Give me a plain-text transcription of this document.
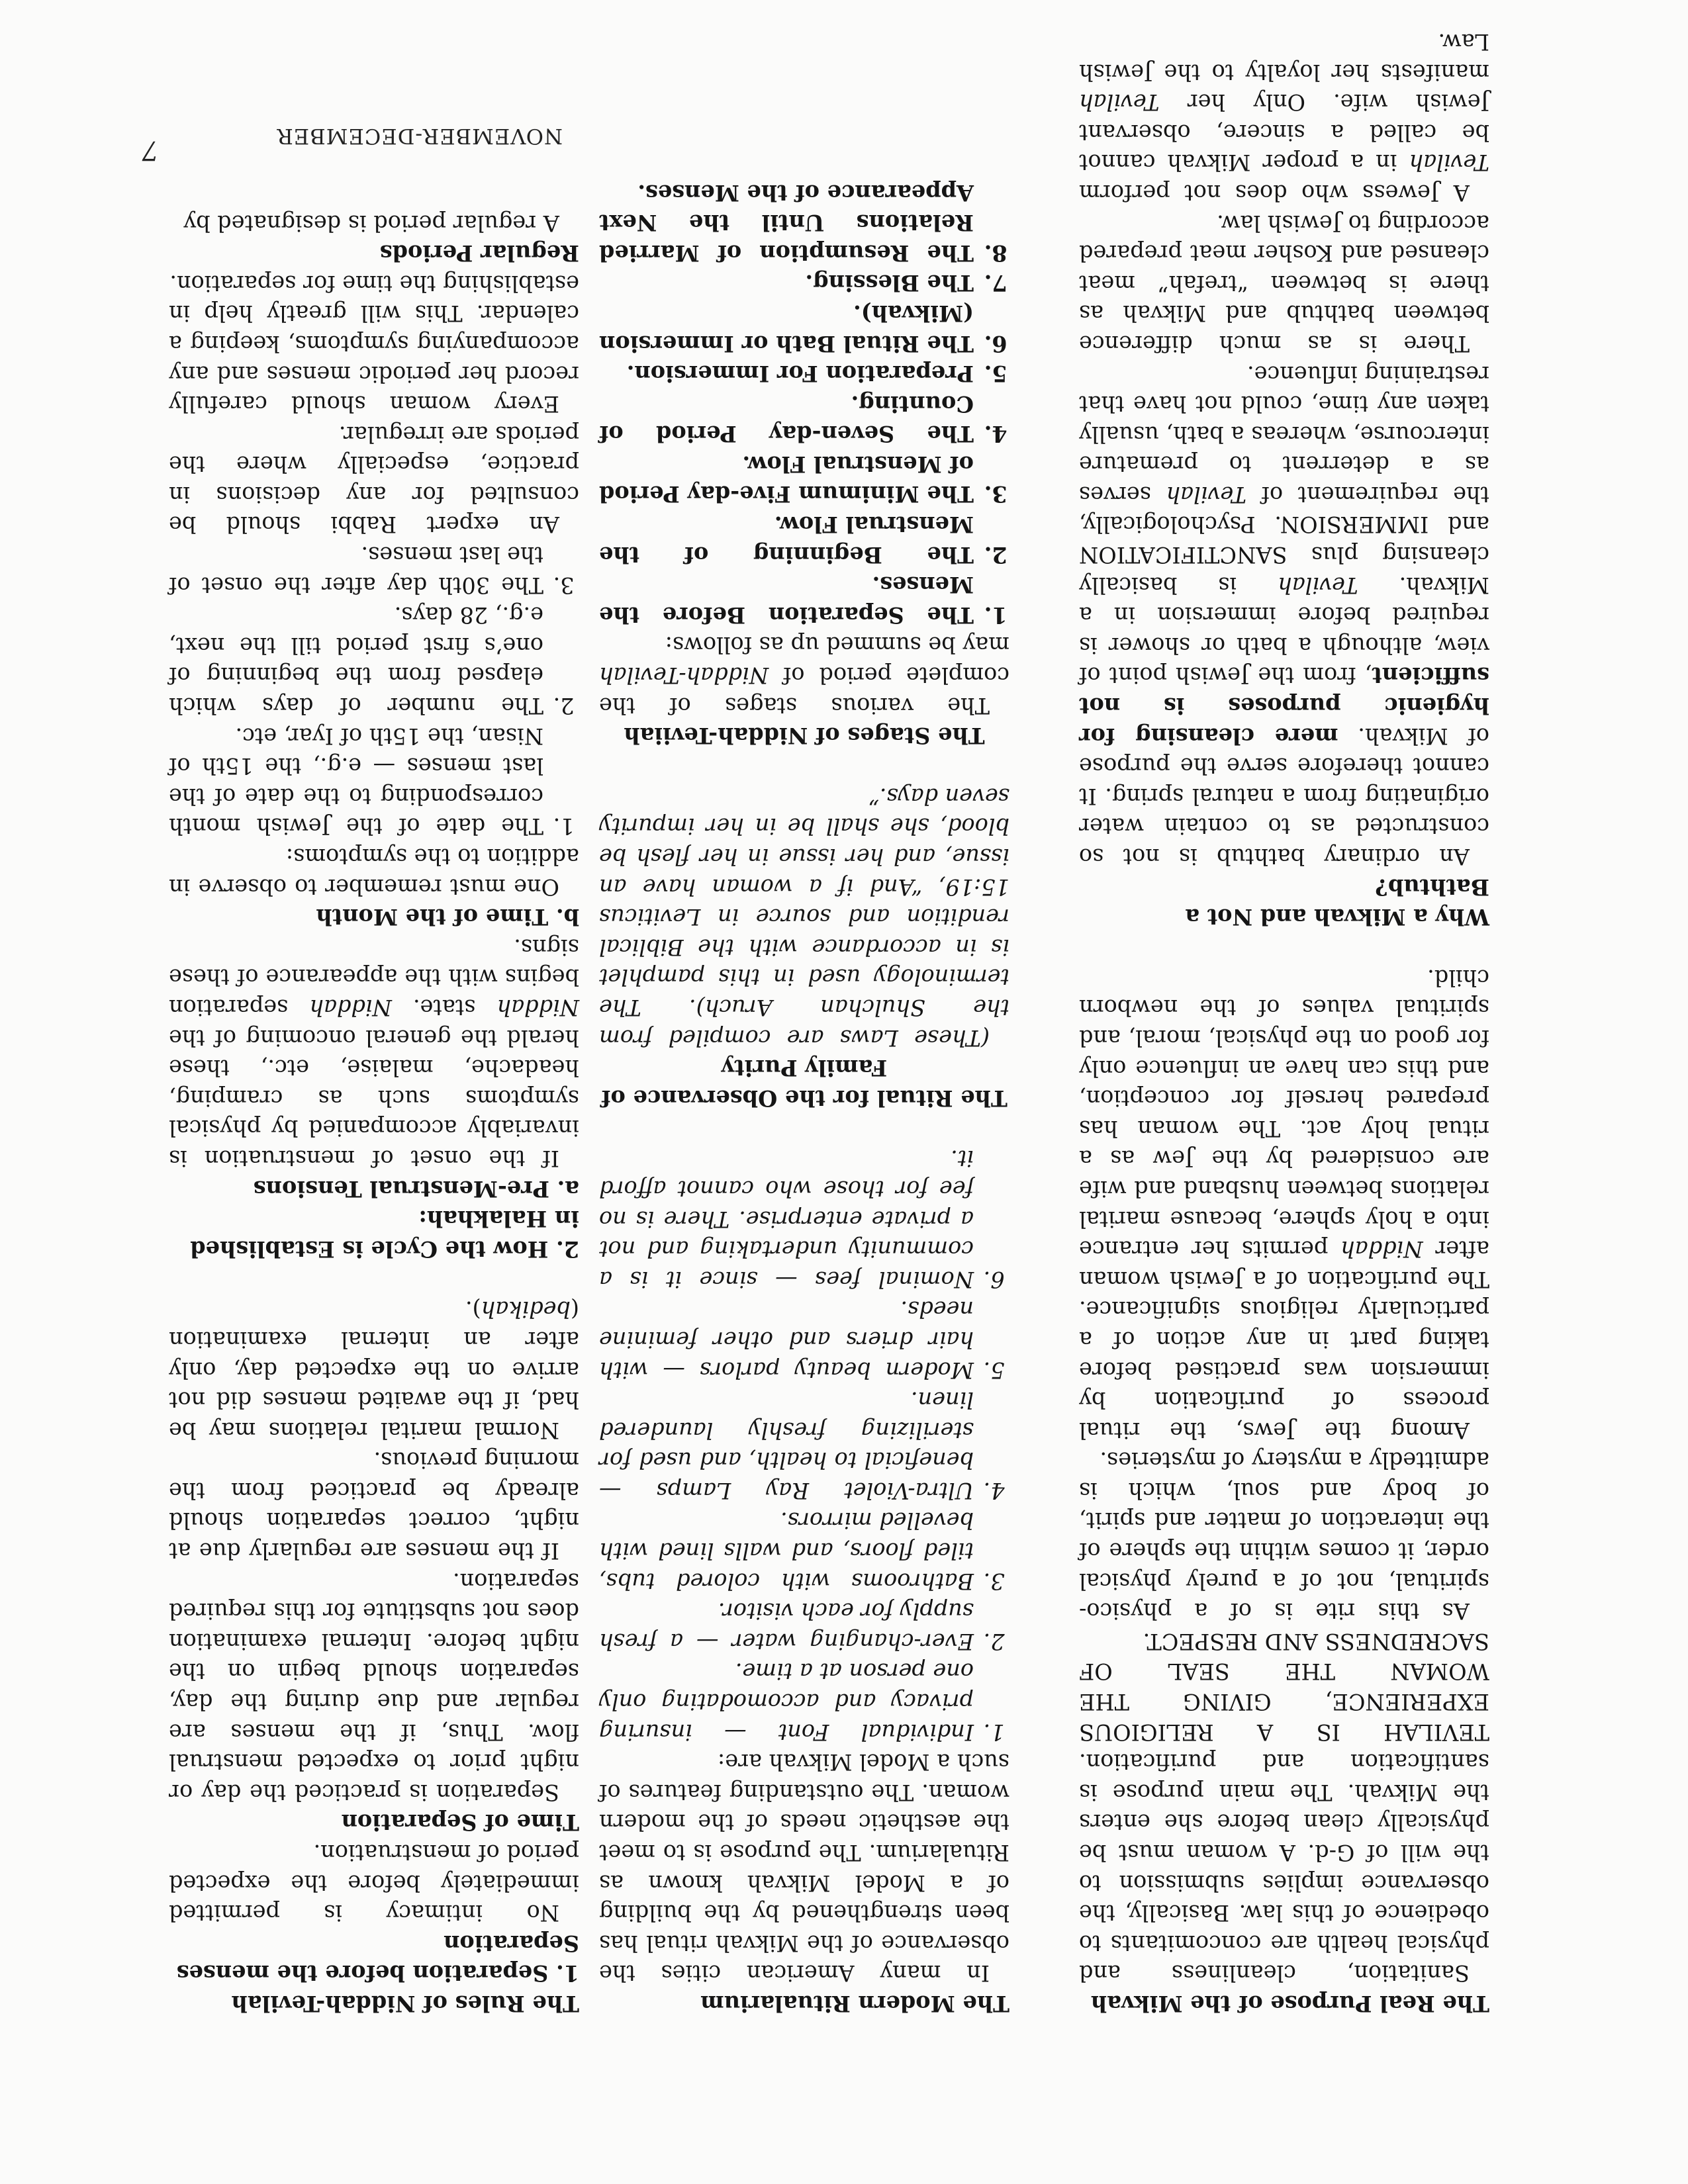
The Real Purpose of the Mikvah

Sanitation, cleanliness and physical health are concomitants to obedience of this law. Basically, the observance implies submission to the will of G-d. A woman must be physically clean before she enters the Mikvah. The main purpose is santification and purification. TEVILAH IS A RELIGIOUS EXPERIENCE, GIVING THE WOMAN THE SEAL OF SACREDNESS AND RESPECT.

As this rite is of a physico-spiritual, not of a purely physical order, it comes within the sphere of the interaction of matter and spirit, of body and soul, which is admittedly a mystery of mysteries.

Among the Jews, the ritual process of purification by immersion was practised before taking part in any action of a particularly religious significance. The purification of a Jewish woman after Niddah permits her entrance into a holy sphere, because marital relations between husband and wife are considered by the Jew as a ritual holy act. The woman has prepared herself for conception, and this can have an influence only for good on the physical, moral, and spiritual values of the newborn child.

Why a Mikvah and Not a Bathtub?

An ordinary bathtub is not so constructed as to contain water originating from a natural spring. It cannot therefore serve the purpose of Mikvah. mere cleansing for hygienic purposes is not sufficient, from the Jewish point of view, although a bath or shower is required before immersion in a Mikvah. Tevilah is basically cleansing plus SANCTIFICATION and IMMERSION. Psychologically, the requirement of Tevilah serves as a deterrent to premature intercourse, whereas a bath, usually taken any time, could not have that restraining influence.

There is as much difference between bathtub and Mikvah as there is between “trefah” meat cleansed and Kosher meat prepared according to Jewish law.

A Jewess who does not perform Tevilah in a proper Mikvah cannot be called a sincere, observant Jewish wife. Only her Tevilah manifests her loyalty to the Jewish Law.

The Modern Ritualarium

In many American cities the observance of the Mikvah ritual has been strengthened by the building of a Model Mikvah known as Ritualarium. The purpose is to meet the aesthetic needs of the modern woman. The outstanding features of such a Model Mikvah are:

1. Individual Font — insuring privacy and accomodating only one person at a time.
2. Ever-changing water — a fresh supply for each visitor.
3. Bathrooms with colored tubs, tiled floors, and walls lined with bevelled mirrors.
4. Ultra-Violet Ray Lamps — beneficial to health, and used for sterilizing freshly laundered linen.
5. Modern beauty parlors — with hair driers and other feminine needs.
6. Nominal fees — since it is a community undertaking and not a private enterprise. There is no fee for those who cannot afford it.
The Ritual for the Observance of Family Purity

(These Laws are compiled from the Shulchan Aruch). The terminology used in this pamphlet is in accordance with the Biblical rendition and source in Leviticus 15:19, “And if a woman have an issue, and her issue in her flesh be blood, she shall be in her impurity seven days.”

The Stages of Niddah-Teviiah

The various stages of the complete period of Niddah-Tevilah may be summed up as follows:

1. The Separation Before the Menses.
2. The Beginning of the Menstrual Flow.
3. The Minimum Five-day Period of Menstrual Flow.
4. The Seven-day Period of Counting.
5. Preparation For Immersion.
6. The Ritual Bath or Immersion (Mikvah).
7. The Blessing.
8. The Resumption of Married Relations Until the Next Appearance of the Menses.
The Rules of Niddah-Tevilah
1. Separation before the menses
Separation

No intimacy is permitted immediately before the expected period of menstruation.

Time of Separation

Separation is practiced the day or night prior to expected menstrual flow. Thus, if the menses are regular and due during the day, separation should begin on the night before. Internal examination does not substitute for this required separation.

If the menses are regularly due at night, correct separation should already be practiced from the morning previous.

Normal marital relations may be had, if the awaited menses did not arrive on the expected day, only after an internal examination (bedikah).

2. How the Cycle is Established in Halakhah:
a. Pre-Menstrual Tensions

If the onset of menstruation is invariably accompanied by physical symptoms such as cramping, headache, malaise, etc., these herald the general oncoming of the Niddah state. Niddah separation begins with the appearance of these signs.

b. Time of the Month

One must remember to observe in addition to the symptoms:

1. The date of the Jewish month corresponding to the date of the last menses — e.g., the 15th of Nisan, the 15th of Iyar, etc.
2. The number of days which elapsed from the beginning of one’s first period till the next, e.g., 28 days.
3. The 30th day after the onset of the last menses.

An expert Rabbi should be consulted for any decisions in practice, especially where the periods are irregular.

Every woman should carefully record her periodic menses and any accompanying symptoms, keeping a calendar. This will greatly help in establishing the time for separation.

Regular Periods

A regular period is designated by

NOVEMBER-DECEMBER
7
